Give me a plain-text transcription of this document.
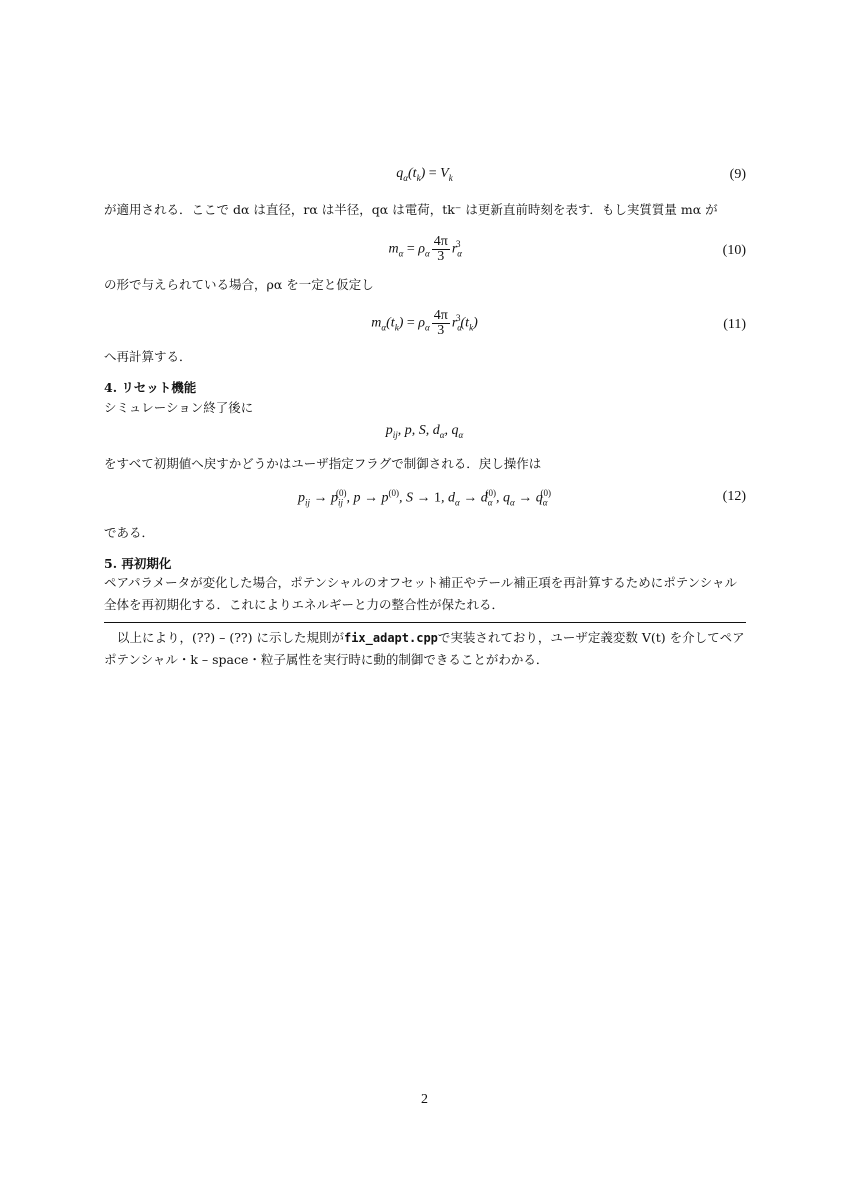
$q_\alpha(t_k) = V_k$	(9)
が適用される．ここで dα は直径，rα は半径，qα は電荷，tk⁻ は更新直前時刻を表す．もし実質質量 mα が
$m_\alpha = \rho_\alpha \frac{4\pi}{3} r_\alpha^3$	(10)
の形で与えられている場合，ρα を一定と仮定し
$m_\alpha(t_k) = \rho_\alpha \frac{4\pi}{3} r_\alpha^3(t_k)$	(11)
へ再計算する．
4. リセット機能
シミュレーション終了後に
$p_{ij}$, p, S, $d_\alpha$, $q_\alpha$
をすべて初期値へ戻すかどうかはユーザ指定フラグで制御される．戻し操作は
$p_{ij} \to p_{ij}^{(0)}$, $p \to p^{(0)}$, S → 1, $d_\alpha \to d_\alpha^{(0)}$, $q_\alpha \to q_\alpha^{(0)}$	(12)
である．
5. 再初期化
ペアパラメータが変化した場合，ポテンシャルのオフセット補正やテール補正項を再計算するためにポテンシャル全体を再初期化する．これによりエネルギーと力の整合性が保たれる．
以上により，(??) – (??) に示した規則がfix_adapt.cppで実装されており，ユーザ定義変数 V(t) を介してペアポテンシャル・k – space・粒子属性を実行時に動的制御できることがわかる．
2
